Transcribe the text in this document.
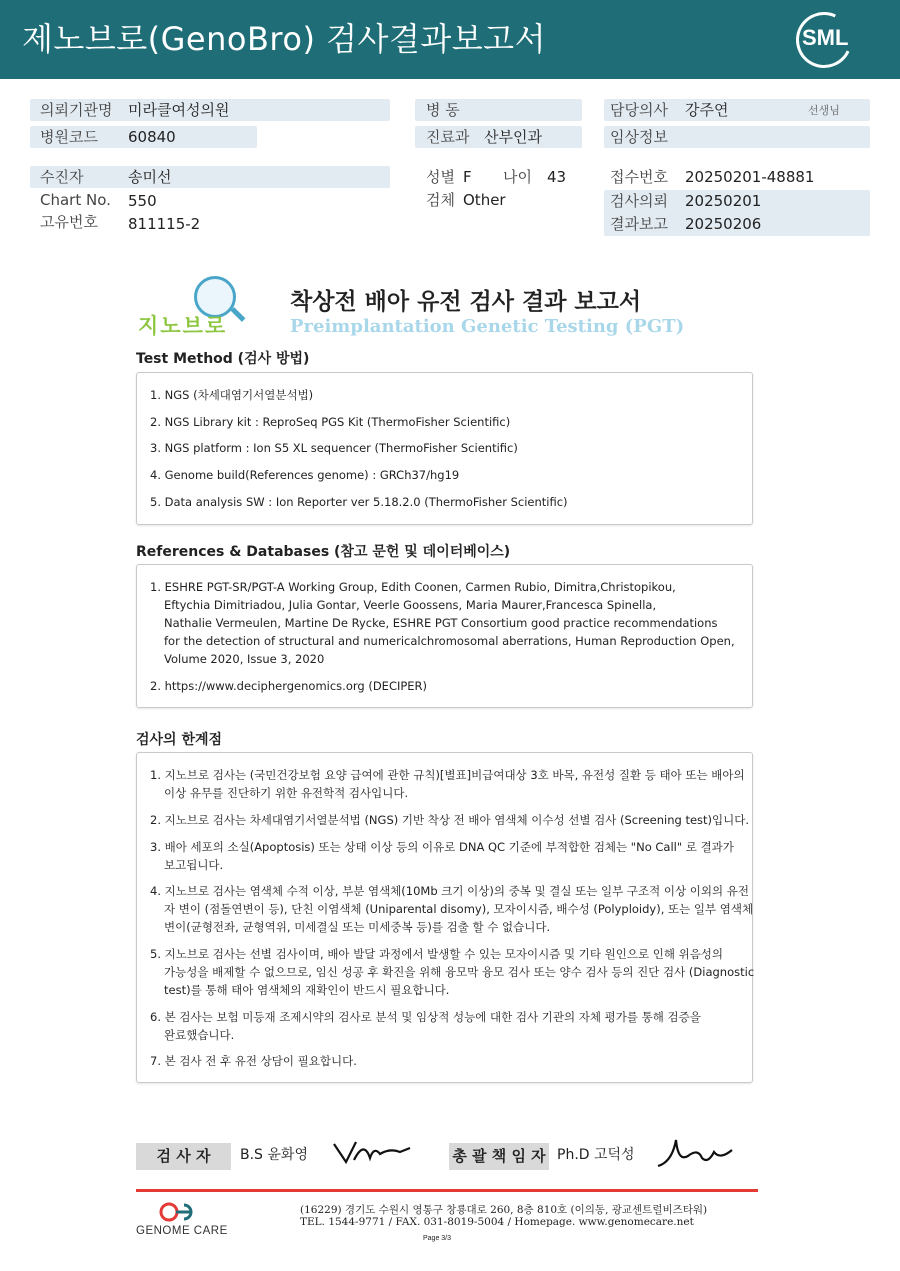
제노브로(GenoBro) 검사결과보고서	SML
의뢰기관명 미라클여성의원
병원코드 60840
병 동
진료과 산부인과
담당의사 강주연	선생님
임상정보
수진자	송미선
Chart No. 550
고유번호 811115-2
성별 F 나이 43
검체 Other
접수번호 20250201-48881
검사의뢰 20250201
결과보고 20250206
지노브로
착상전 배아 유전 검사 결과 보고서
Preimplantation Genetic Testing (PGT)
Test Method (검사 방법)
1. NGS (차세대염기서열분석법)
2. NGS Library kit : ReproSeq PGS Kit (ThermoFisher Scientific)
3. NGS platform : Ion S5 XL sequencer (ThermoFisher Scientific)
4. Genome build(References genome) : GRCh37/hg19
5. Data analysis SW : Ion Reporter ver 5.18.2.0 (ThermoFisher Scientific)
References & Databases (참고 문헌 및 데이터베이스)
1. ESHRE PGT-SR/PGT-A Working Group, Edith Coonen, Carmen Rubio, Dimitra,Christopikou,
Eftychia Dimitriadou, Julia Gontar, Veerle Goossens, Maria Maurer,Francesca Spinella,
Nathalie Vermeulen, Martine De Rycke, ESHRE PGT Consortium good practice recommendations
for the detection of structural and numericalchromosomal aberrations, Human Reproduction Open,
Volume 2020, Issue 3, 2020
2. https://www.deciphergenomics.org (DECIPER)
검사의 한계점
1. 지노브로 검사는 (국민건강보험 요양 급여에 관한 규칙)[별표]비급여대상 3호 바목, 유전성 질환 등 태아 또는 배아의
이상 유무를 진단하기 위한 유전학적 검사입니다.
2. 지노브로 검사는 차세대염기서열분석법 (NGS) 기반 착상 전 배아 염색체 이수성 선별 검사 (Screening test)입니다.
3. 배아 세포의 소실(Apoptosis) 또는 상태 이상 등의 이유로 DNA QC 기준에 부적합한 검체는 "No Call" 로 결과가
보고됩니다.
4. 지노브로 검사는 염색체 수적 이상, 부분 염색체(10Mb 크기 이상)의 중복 및 결실 또는 일부 구조적 이상 이외의 유전
자 변이 (점돌연변이 등), 단친 이염색체 (Uniparental disomy), 모자이시즘, 배수성 (Polyploidy), 또는 일부 염색체
변이(균형전좌, 균형역위, 미세결실 또는 미세중복 등)를 검출 할 수 없습니다.
5. 지노브로 검사는 선별 검사이며, 배아 발달 과정에서 발생할 수 있는 모자이시즘 및 기타 원인으로 인해 위음성의
가능성을 배제할 수 없으므로, 임신 성공 후 확진을 위해 융모막 융모 검사 또는 양수 검사 등의 진단 검사 (Diagnostic
test)를 통해 태아 염색체의 재확인이 반드시 필요합니다.
6. 본 검사는 보험 미등재 조제시약의 검사로 분석 및 임상적 성능에 대한 검사 기관의 자체 평가를 통해 검증을
완료했습니다.
7. 본 검사 전 후 유전 상담이 필요합니다.
검 사 자	B.S 윤화영	총 괄 책 임 자 Ph.D 고덕성
GENOME CARE
(16229) 경기도 수원시 영통구 창룡대로 260, 8층 810호 (이의동, 광교센트럴비즈타워)
TEL. 1544-9771 / FAX. 031-8019-5004 / Homepage. www.genomecare.net
Page 3/3
